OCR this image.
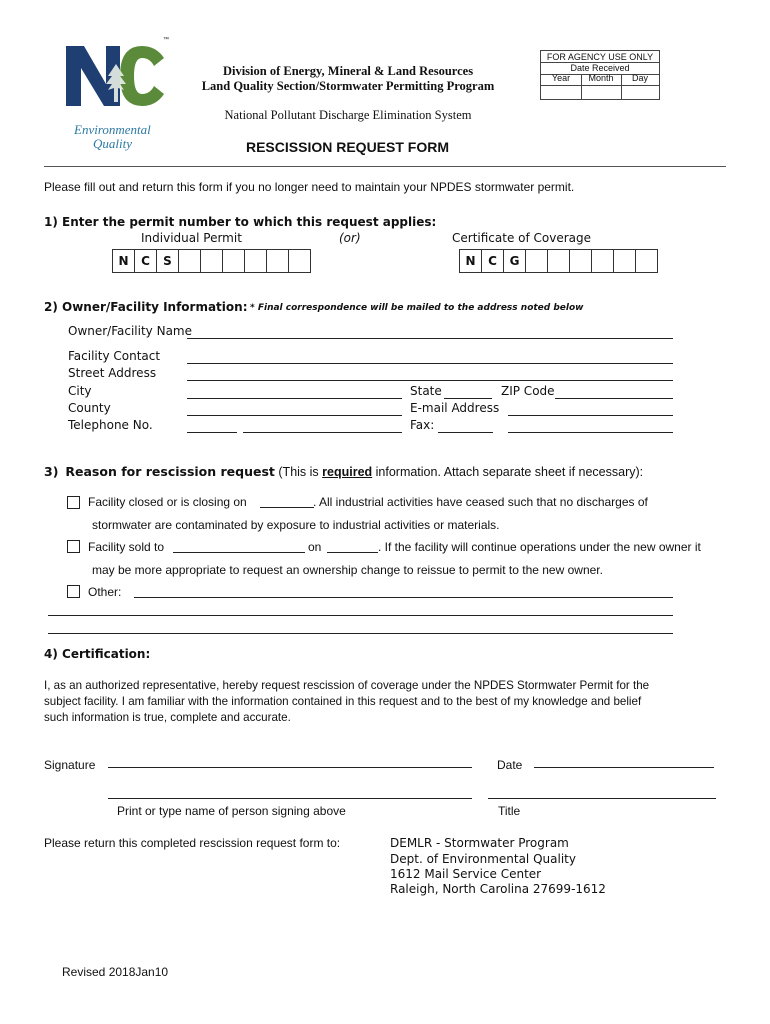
™
Environmental
Quality
Division of Energy, Mineral & Land Resources
Land Quality Section/Stormwater Permitting Program
National Pollutant Discharge Elimination System
FOR AGENCY USE ONLY
Date Received
Year	Month	Day
RESCISSION REQUEST FORM
Please fill out and return this form if you no longer need to maintain your NPDES stormwater permit.
1) Enter the permit number to which this request applies:
Individual Permit	(or)	Certificate of Coverage
N	C	S	N	C	G
2) Owner/Facility Information: * Final correspondence will be mailed to the address noted below
Owner/Facility Name
Facility Contact
Street Address
City	State	ZIP Code
County	E-mail Address
Telephone No.	Fax:
3) Reason for rescission request (This is required information. Attach separate sheet if necessary):
Facility closed or is closing on	. All industrial activities have ceased such that no discharges of
stormwater are contaminated by exposure to industrial activities or materials.
Facility sold to	on	. If the facility will continue operations under the new owner it
may be more appropriate to request an ownership change to reissue to permit to the new owner.
Other:
4) Certification:
I, as an authorized representative, hereby request rescission of coverage under the NPDES Stormwater Permit for the
subject facility. I am familiar with the information contained in this request and to the best of my knowledge and belief
such information is true, complete and accurate.
Signature	Date
Print or type name of person signing above	Title
Please return this completed rescission request form to:	DEMLR - Stormwater Program
Dept. of Environmental Quality
1612 Mail Service Center
Raleigh, North Carolina 27699-1612
Revised 2018Jan10
